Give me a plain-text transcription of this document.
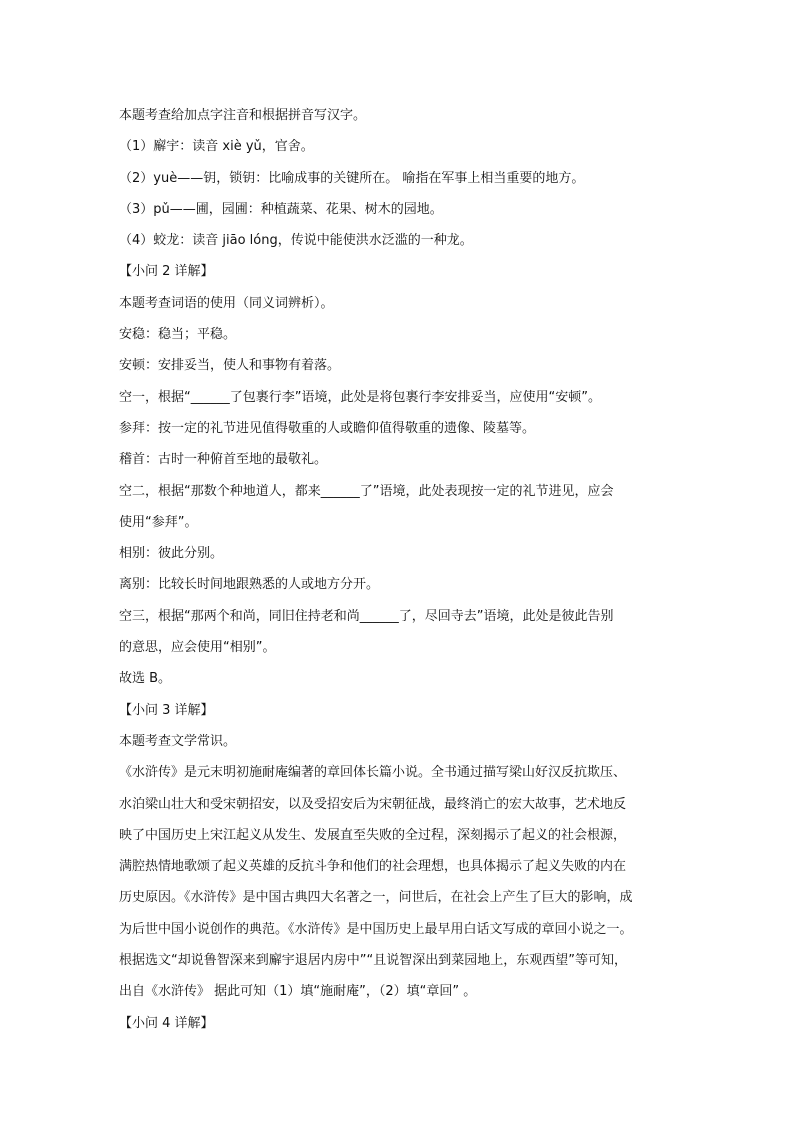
本题考查给加点字注音和根据拼音写汉字。
（1）廨宇：读音 xiè yǔ，官舍。
（2）yuè——钥，锁钥：比喻成事的关键所在。 喻指在军事上相当重要的地方。
（3）pǔ——圃，园圃：种植蔬菜、花果、树木的园地。
（4）蛟龙：读音 jiāo lóng，传说中能使洪水泛滥的一种龙。
【小问 2 详解】
本题考查词语的使用（同义词辨析）。
安稳：稳当；平稳。
安顿：安排妥当，使人和事物有着落。
空一，根据“______了包裹行李”语境，此处是将包裹行李安排妥当，应使用“安顿”。
参拜：按一定的礼节进见值得敬重的人或瞻仰值得敬重的遗像、陵墓等。
稽首：古时一种俯首至地的最敬礼。
空二，根据“那数个种地道人，都来______了”语境，此处表现按一定的礼节进见，应会
使用“参拜”。
相别：彼此分别。
离别：比较长时间地跟熟悉的人或地方分开。
空三，根据“那两个和尚，同旧住持老和尚______了，尽回寺去”语境，此处是彼此告别
的意思，应会使用“相别”。
故选 B。
【小问 3 详解】
本题考查文学常识。
《水浒传》是元末明初施耐庵编著的章回体长篇小说。全书通过描写梁山好汉反抗欺压、
水泊梁山壮大和受宋朝招安，以及受招安后为宋朝征战，最终消亡的宏大故事，艺术地反
映了中国历史上宋江起义从发生、发展直至失败的全过程，深刻揭示了起义的社会根源，
满腔热情地歌颂了起义英雄的反抗斗争和他们的社会理想，也具体揭示了起义失败的内在
历史原因。《水浒传》是中国古典四大名著之一，问世后，在社会上产生了巨大的影响，成
为后世中国小说创作的典范。《水浒传》是中国历史上最早用白话文写成的章回小说之一。
根据选文“却说鲁智深来到廨宇退居内房中”“且说智深出到菜园地上，东观西望”等可知，
出自《水浒传》 据此可知（1）填“施耐庵”，（2）填“章回” 。
【小问 4 详解】
